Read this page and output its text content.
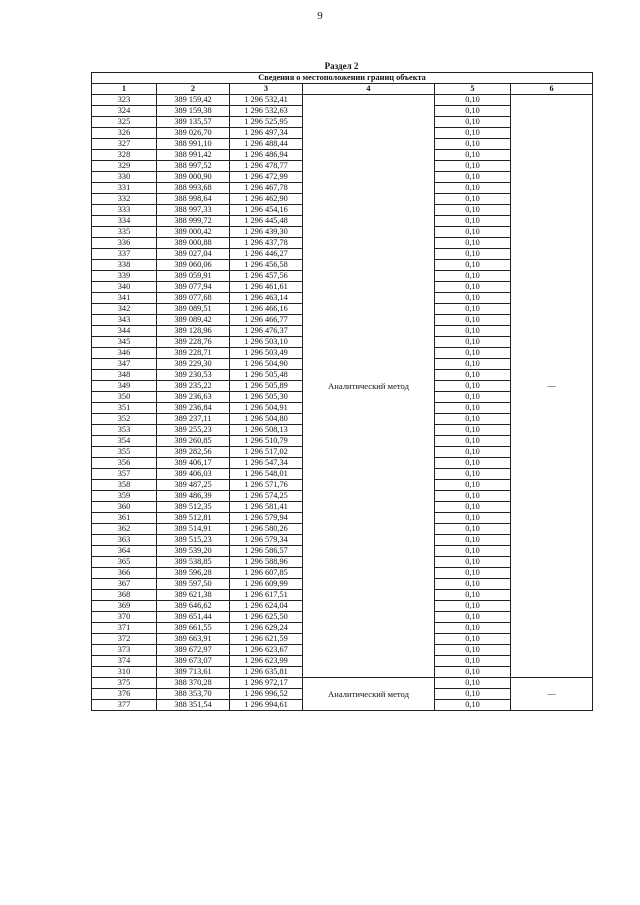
9
Раздел 2
Сведения о местоположении границ объекта					
1	2	3	4	5	6
323	389 159,42	1 296 532,41	Аналитический метод	0,10	—
324	389 159,38	1 296 532,63		0,10	
325	389 135,57	1 296 525,95		0,10	
326	389 026,70	1 296 497,34		0,10	
327	388 991,10	1 296 488,44		0,10	
328	388 991,42	1 296 486,94		0,10	
329	388 997,52	1 296 478,77		0,10	
330	389 000,90	1 296 472,99		0,10	
331	388 993,68	1 296 467,78		0,10	
332	388 998,64	1 296 462,90		0,10	
333	388 997,33	1 296 454,16		0,10	
334	388 999,72	1 296 445,48		0,10	
335	389 000,42	1 296 439,30		0,10	
336	389 000,88	1 296 437,78		0,10	
337	389 027,04	1 296 446,27		0,10	
338	389 060,06	1 296 456,58		0,10	
339	389 059,91	1 296 457,56		0,10	
340	389 077,94	1 296 461,61		0,10	
341	389 077,68	1 296 463,14		0,10	
342	389 089,51	1 296 466,16		0,10	
343	389 089,42	1 296 466,77		0,10	
344	389 128,96	1 296 476,37		0,10	
345	389 228,76	1 296 503,10		0,10	
346	389 228,71	1 296 503,49		0,10	
347	389 229,30	1 296 504,90		0,10	
348	389 230,53	1 296 505,48		0,10	
349	389 235,22	1 296 505,89		0,10	
350	389 236,63	1 296 505,30		0,10	
351	389 236,84	1 296 504,91		0,10	
352	389 237,11	1 296 504,80		0,10	
353	389 255,23	1 296 508,13		0,10	
354	389 260,85	1 296 510,79		0,10	
355	389 282,56	1 296 517,02		0,10	
356	389 406,17	1 296 547,34		0,10	
357	389 406,03	1 296 548,01		0,10	
358	389 487,25	1 296 571,76		0,10	
359	389 486,39	1 296 574,25		0,10	
360	389 512,35	1 296 581,41		0,10	
361	389 512,81	1 296 579,94		0,10	
362	389 514,91	1 296 580,26		0,10	
363	389 515,23	1 296 579,34		0,10	
364	389 539,20	1 296 586,57		0,10	
365	389 538,85	1 296 588,96		0,10	
366	389 596,28	1 296 607,85		0,10	
367	389 597,50	1 296 609,99		0,10	
368	389 621,38	1 296 617,51		0,10	
369	389 646,62	1 296 624,04		0,10	
370	389 651,44	1 296 625,50		0,10	
371	389 661,55	1 296 629,24		0,10	
372	389 663,91	1 296 621,59		0,10	
373	389 672,97	1 296 623,67		0,10	
374	389 673,07	1 296 623,99		0,10	
310	389 713,61	1 296 635,81		0,10	
375	388 370,28	1 296 972,17	Аналитический метод	0,10	—
376	388 353,70	1 296 996,52		0,10	
377	388 351,54	1 296 994,61		0,10	
